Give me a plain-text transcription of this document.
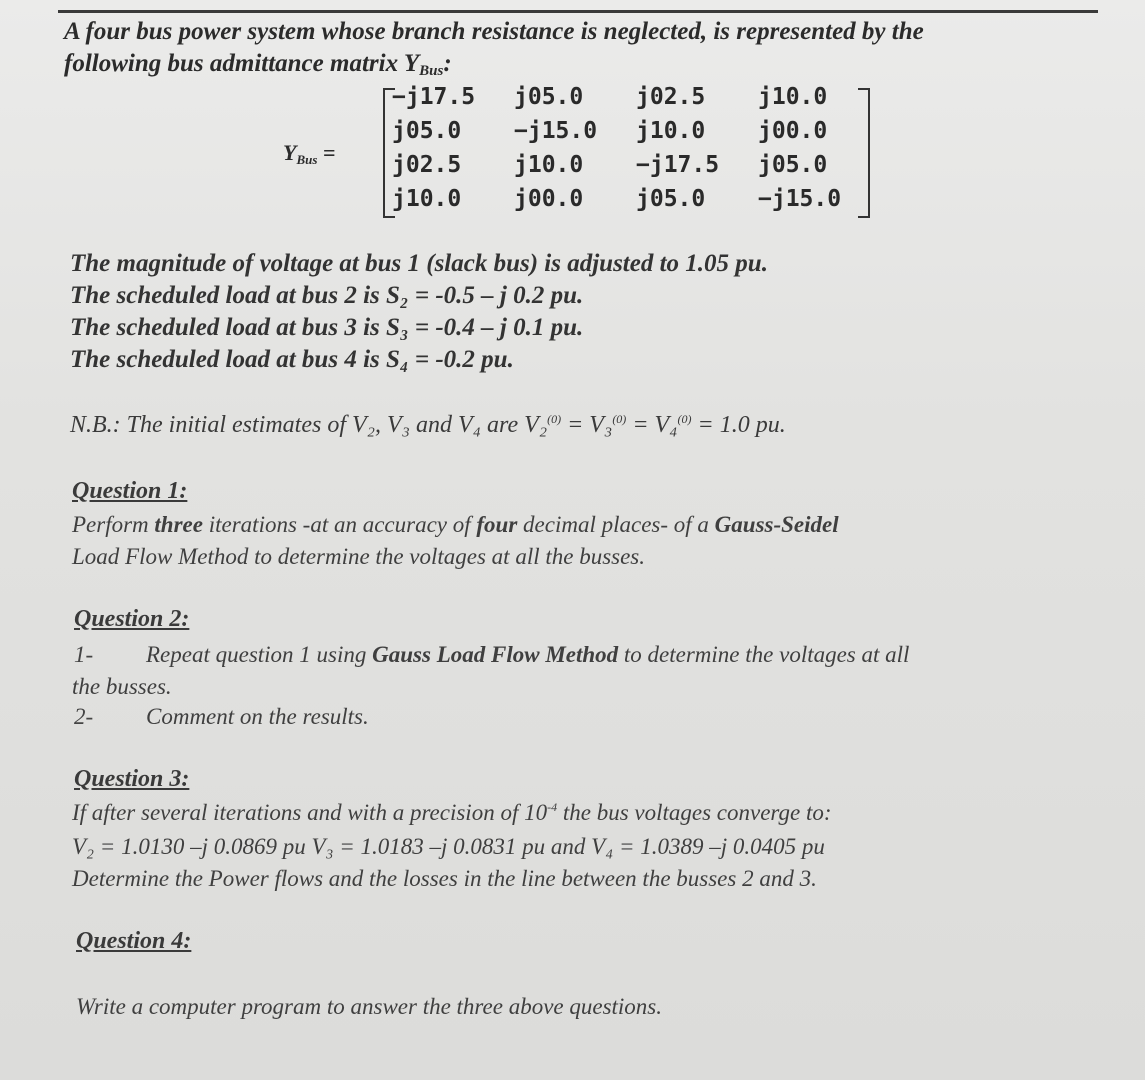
A four bus power system whose branch resistance is neglected, is represented by the
following bus admittance matrix $Y_{Bus}$:
YBus =
−j17.5	j05.0	j02.5	j10.0
j05.0	−j15.0	j10.0	j00.0
j02.5	j10.0	−j17.5	j05.0
j10.0	j00.0	j05.0	−j15.0
The magnitude of voltage at bus 1 (slack bus) is adjusted to 1.05 pu.
The scheduled load at bus 2 is S₂ = -0.5 – j 0.2 pu.
The scheduled load at bus 3 is S₃ = -0.4 – j 0.1 pu.
The scheduled load at bus 4 is S₄ = -0.2 pu.
N.B.: The initial estimates of V₂, V₃ and V₄ are V₂$^{(0)}$ = V₃$^{(0)}$ = V₄$^{(0)}$ = 1.0 pu.
Question 1:
Perform three iterations -at an accuracy of four decimal places- of a Gauss-Seidel
Load Flow Method to determine the voltages at all the busses.
Question 2:
1- Repeat question 1 using Gauss Load Flow Method to determine the voltages at all
the busses.
2- Comment on the results.
Question 3:
If after several iterations and with a precision of $10^{-4}$ the bus voltages converge to:
V₂ = 1.0130 –j 0.0869 pu V₃ = 1.0183 –j 0.0831 pu and V₄ = 1.0389 –j 0.0405 pu
Determine the Power flows and the losses in the line between the busses 2 and 3.
Question 4:
Write a computer program to answer the three above questions.
